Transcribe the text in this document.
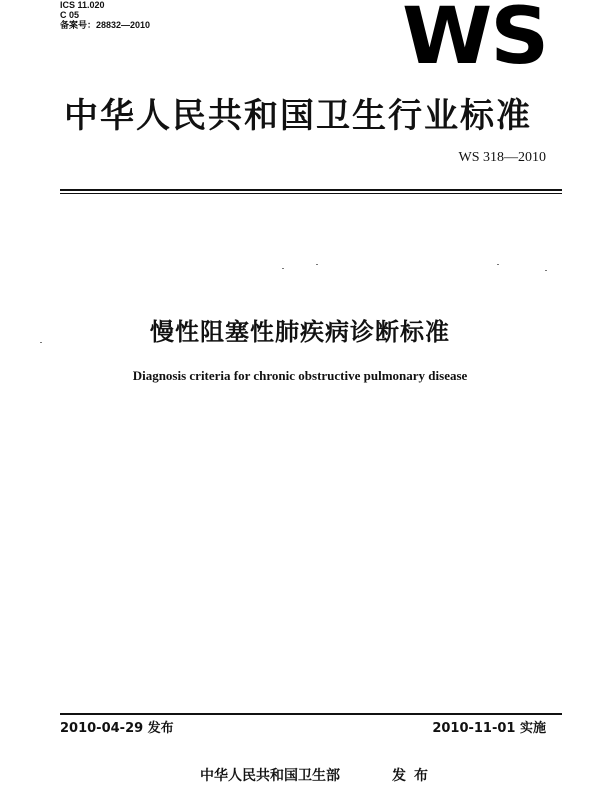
ICS 11.020
C 05
备案号：28832—2010	WS
中华人民共和国卫生行业标准
WS 318—2010
慢性阻塞性肺疾病诊断标准
Diagnosis criteria for chronic obstructive pulmonary disease
2010-04-29 发布	2010-11-01 实施
中华人民共和国卫生部	发布
